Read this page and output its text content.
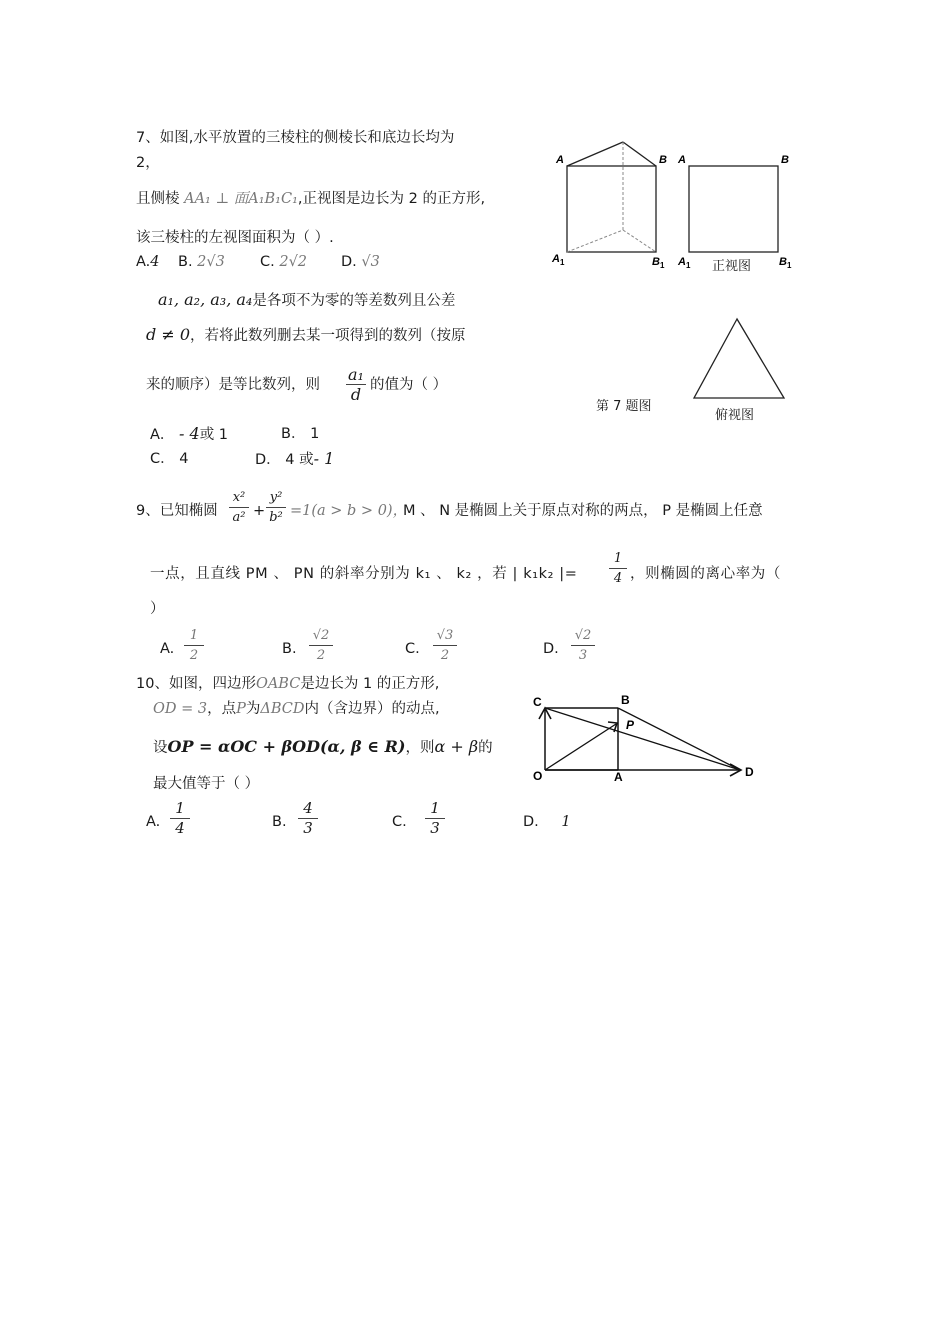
7、如图,水平放置的三棱柱的侧棱长和底边长均为
2，
且侧棱 AA₁ ⊥ 面A₁B₁C₁,正视图是边长为 2 的正方形,
该三棱柱的左视图面积为（ ）.
A.4 B. 2√3 C. 2√2 D. √3
A	B
A 1	B 1
A	B
A 1	B 1
正视图
俯视图
第 7 题图
a₁, a₂, a₃, a₄是各项不为零的等差数列且公差
d ≠ 0，若将此数列删去某一项得到的数列（按原
来的顺序）是等比数列，则
a₁
d 的值为（ ）
A． - 4或 1	B． 1
C． 4	D． 4 或- 1
9、已知椭圆
x²
a² +
y²
b² =1(a > b > 0)，
M 、 N 是椭圆上关于原点对称的两点， P 是椭圆上任意
一点，且直线 PM 、 PN 的斜率分别为 k₁ 、 k₂ ，若 | k₁k₂ |=
1
4 ，则椭圆的离心率为（
）
A.
1
2	B.
√2
2	C.
√3
2	D.
√2
3
10、如图，四边形OABC是边长为 1 的正方形,
OD = 3，点P为ΔBCD内（含边界）的动点,
设OP = αOC + βOD(α, β ∈ R)，则α + β的
最大值等于（ ）
A.
1
4	B.
4
3	C.
1
3	D. 1
C	B
P
O	A	D
